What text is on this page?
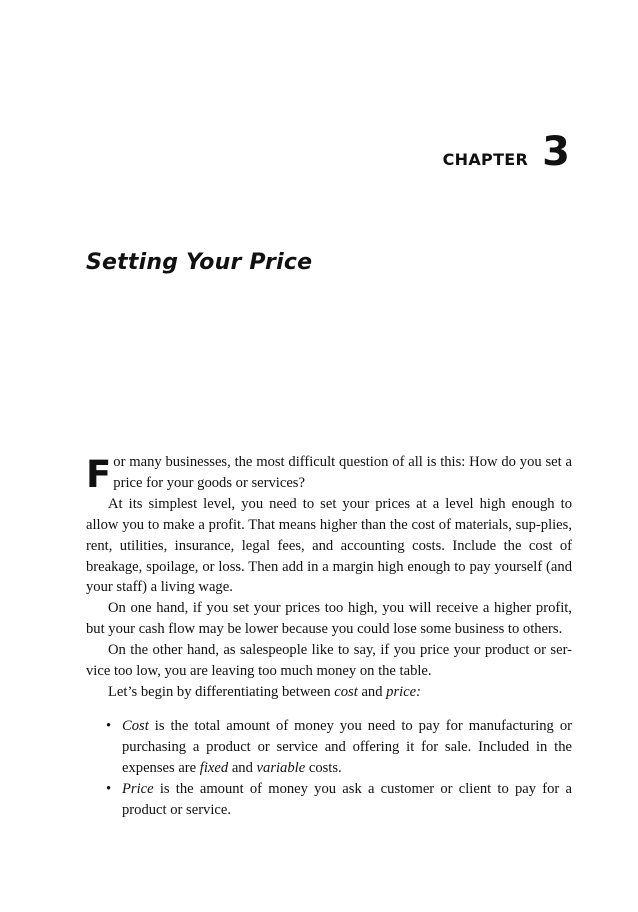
CHAPTER 3
Setting Your Price

For many businesses, the most difficult question of all is this: How do you set a price for your goods or services?

At its simplest level, you need to set your prices at a level high enough to allow you to make a profit. That means higher than the cost of materials, sup-plies, rent, utilities, insurance, legal fees, and accounting costs. Include the cost of breakage, spoilage, or loss. Then add in a margin high enough to pay yourself (and your staff) a living wage.

On one hand, if you set your prices too high, you will receive a higher profit, but your cash flow may be lower because you could lose some business to others.

On the other hand, as salespeople like to say, if you price your product or ser-vice too low, you are leaving too much money on the table.

Let’s begin by differentiating between cost and price:

• Cost is the total amount of money you need to pay for manufacturing or purchasing a product or service and offering it for sale. Included in the expenses are fixed and variable costs.
• Price is the amount of money you ask a customer or client to pay for a product or service.
